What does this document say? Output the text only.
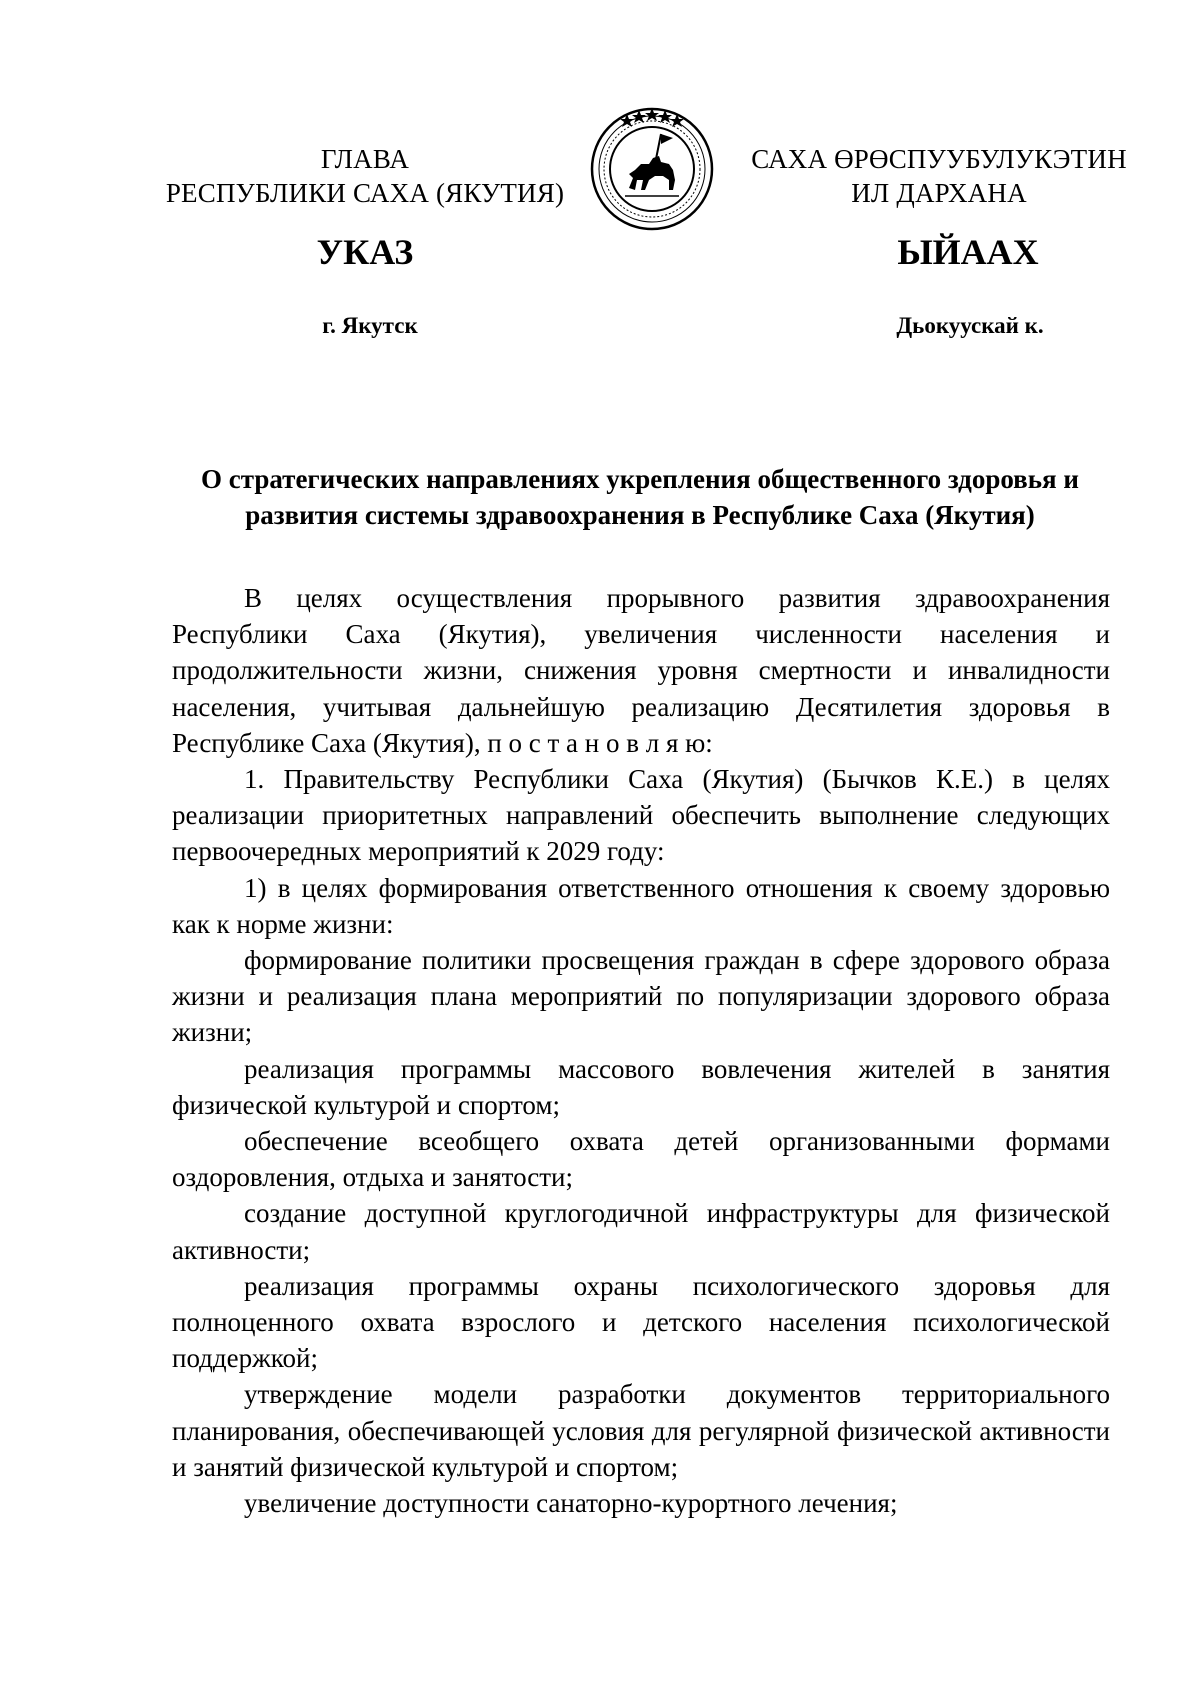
ГЛАВА
РЕСПУБЛИКИ САХА (ЯКУТИЯ)
САХА ӨРӨСПУУБУЛУКЭТИН
ИЛ ДАРХАНА
УКАЗ	ЫЙААХ
г. Якутск	Дьокуускай к.
О стратегических направлениях укрепления общественного здоровья и
развития системы здравоохранения в Республике Саха (Якутия)

В целях осуществления прорывного развития здравоохранения Республики Саха (Якутия), увеличения численности населения и продолжительности жизни, снижения уровня смертности и инвалидности населения, учитывая дальнейшую реализацию Десятилетия здоровья в Республике Саха (Якутия), п о с т а н о в л я ю:

1. Правительству Республики Саха (Якутия) (Бычков К.Е.) в целях реализации приоритетных направлений обеспечить выполнение следующих первоочередных мероприятий к 2029 году:

1) в целях формирования ответственного отношения к своему здоровью как к норме жизни:

формирование политики просвещения граждан в сфере здорового образа жизни и реализация плана мероприятий по популяризации здорового образа жизни;

реализация программы массового вовлечения жителей в занятия физической культурой и спортом;

обеспечение всеобщего охвата детей организованными формами оздоровления, отдыха и занятости;

создание доступной круглогодичной инфраструктуры для физической активности;

реализация программы охраны психологического здоровья для полноценного охвата взрослого и детского населения психологической поддержкой;

утверждение модели разработки документов территориального планирования, обеспечивающей условия для регулярной физической активности и занятий физической культурой и спортом;

увеличение доступности санаторно-курортного лечения;
